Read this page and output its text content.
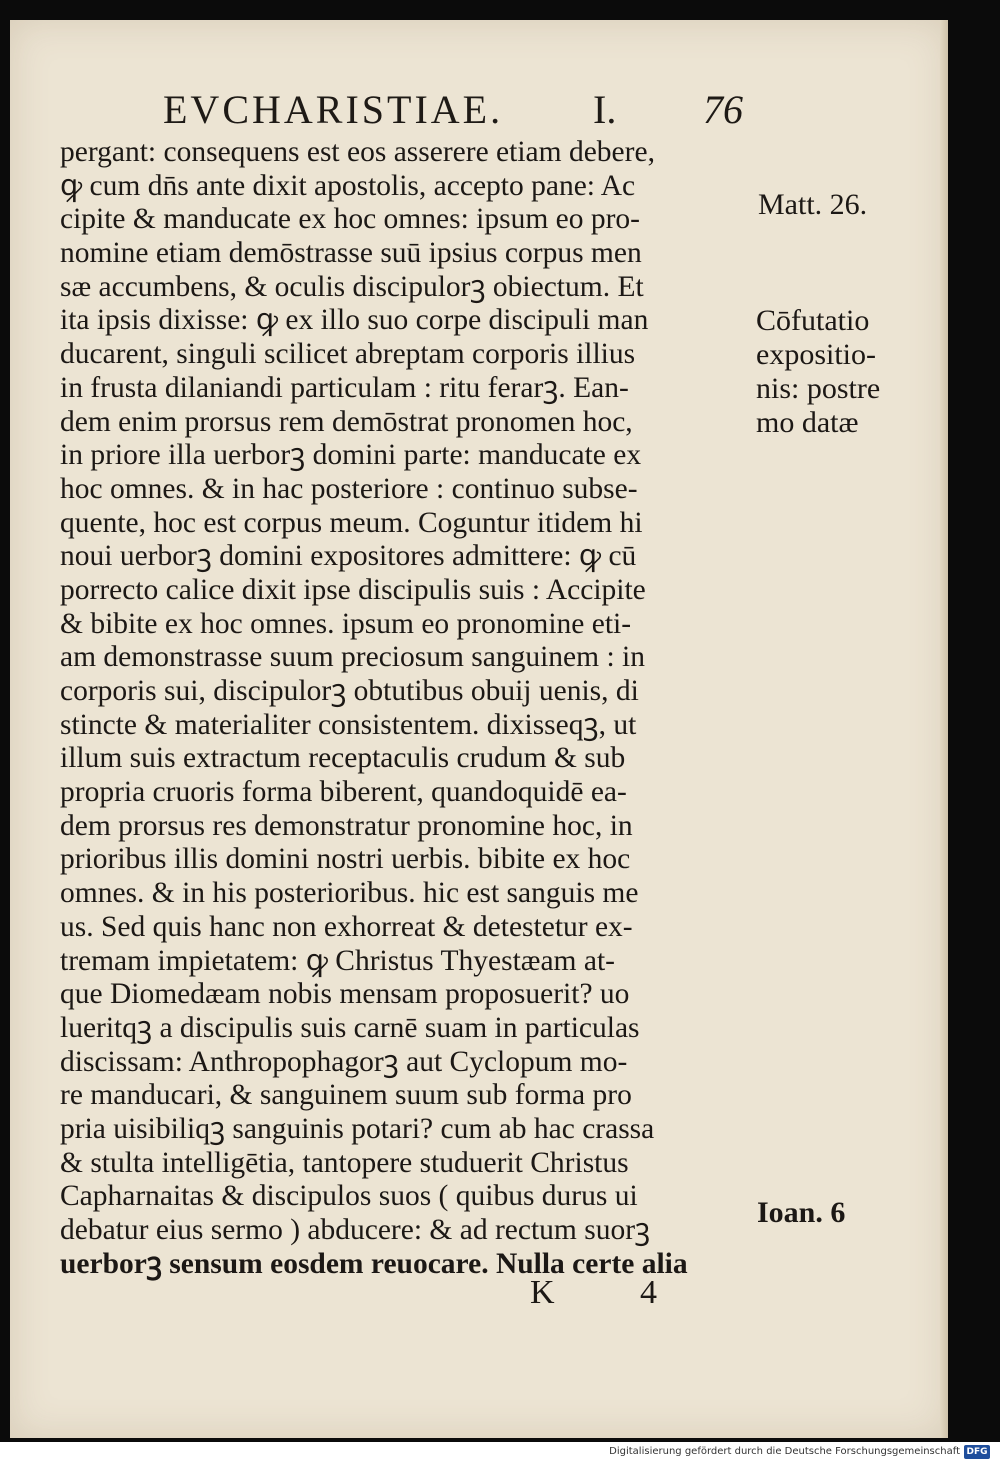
EVCHARISTIAE. I. 76
pergant: consequens est eos asserere etiam debere,
ꝙ cum dn̄s ante dixit apostolis, accepto pane: Ac
cipite & manducate ex hoc omnes: ipsum eo pro-
nomine etiam demōstrasse suū ipsius corpus men
sæ accumbens, & oculis discipulorꝫ obiectum. Et
ita ipsis dixisse: ꝙ ex illo suo corpe discipuli man
ducarent, singuli scilicet abreptam corporis illius
in frusta dilaniandi particulam : ritu ferarꝫ. Ean-
dem enim prorsus rem demōstrat pronomen hoc,
in priore illa uerborꝫ domini parte: manducate ex
hoc omnes. & in hac posteriore : continuo subse-
quente, hoc est corpus meum. Coguntur itidem hi
noui uerborꝫ domini expositores admittere: ꝙ cū
porrecto calice dixit ipse discipulis suis : Accipite
& bibite ex hoc omnes. ipsum eo pronomine eti-
am demonstrasse suum preciosum sanguinem : in
corporis sui, discipulorꝫ obtutibus obuij uenis, di
stincte & materialiter consistentem. dixisseqꝫ, ut
illum suis extractum receptaculis crudum & sub
propria cruoris forma biberent, quandoquidē ea-
dem prorsus res demonstratur pronomine hoc, in
prioribus illis domini nostri uerbis. bibite ex hoc
omnes. & in his posterioribus. hic est sanguis me
us. Sed quis hanc non exhorreat & detestetur ex-
tremam impietatem: ꝙ Christus Thyestæam at-
que Diomedæam nobis mensam proposuerit? uo
lueritqꝫ a discipulis suis carnē suam in particulas
discissam: Anthropophagorꝫ aut Cyclopum mo-
re manducari, & sanguinem suum sub forma pro
pria uisibiliqꝫ sanguinis potari? cum ab hac crassa
& stulta intelligētia, tantopere studuerit Christus
Capharnaitas & discipulos suos ( quibus durus ui
debatur eius sermo ) abducere: & ad rectum suorꝫ
uerborꝫ sensum eosdem reuocare. Nulla certe alia
Matt. 26.
Cōfutatio
expositio-
nis: postre
mo datæ
Ioan. 6
K	4
Digitalisierung gefördert durch die Deutsche Forschungsgemeinschaft DFG
